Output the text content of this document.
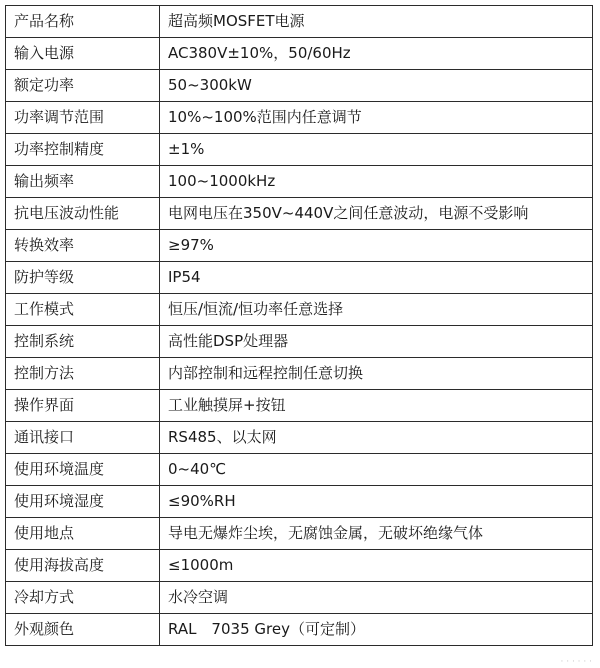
产品名称	超高频MOSFET电源
输入电源	AC380V±10%，50/60Hz
额定功率	50~300kW
功率调节范围	10%~100%范围内任意调节
功率控制精度	±1%
输出频率	100~1000kHz
抗电压波动性能	电网电压在350V~440V之间任意波动，电源不受影响
转换效率	≥97%
防护等级	IP54
工作模式	恒压/恒流/恒功率任意选择
控制系统	高性能DSP处理器
控制方法	内部控制和远程控制任意切换
操作界面	工业触摸屏+按钮
通讯接口	RS485、以太网
使用环境温度	0~40℃
使用环境湿度	≤90%RH
使用地点	导电无爆炸尘埃，无腐蚀金属，无破坏绝缘气体
使用海拔高度	≤1000m
冷却方式	水冷空调
外观颜色	RAL　7035 Grey（可定制）
· · · · · ·
